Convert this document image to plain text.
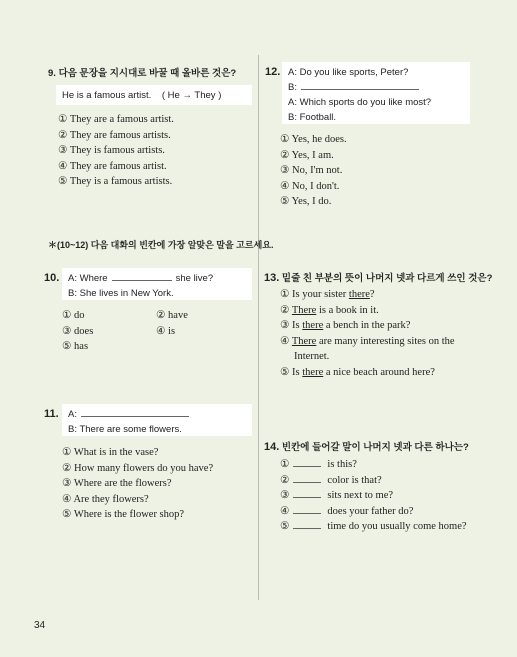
9. 다음 문장을 지시대로 바꿀 때 올바른 것은?
He is a famous artist. ( He → They )
① They are a famous artist.
② They are famous artists.
③ They is famous artists.
④ They are famous artist.
⑤ They is a famous artists.
12. A: Do you like sports, Peter?
B:
A: Which sports do you like most?
B: Football.
① Yes, he does.
② Yes, I am.
③ No, I'm not.
④ No, I don't.
⑤ Yes, I do.
＊(10~12) 다음 대화의 빈칸에 가장 알맞은 말을 고르세요.
10. A: Where	she live?
B: She lives in New York.
① do	② have
③ does	④ is
⑤ has
13. 밑줄 친 부분의 뜻이 나머지 넷과 다르게 쓰인 것은?
① Is your sister there?
② There is a book in it.
③ Is there a bench in the park?
④ There are many interesting sites on the
Internet.
⑤ Is there a nice beach around here?
11. A:
B: There are some flowers.
① What is in the vase?
② How many flowers do you have?
③ Where are the flowers?
④ Are they flowers?
⑤ Where is the flower shop?
14. 빈칸에 들어갈 말이 나머지 넷과 다른 하나는?
①	is this?
②	color is that?
③	sits next to me?
④	does your father do?
⑤	time do you usually come home?
34
